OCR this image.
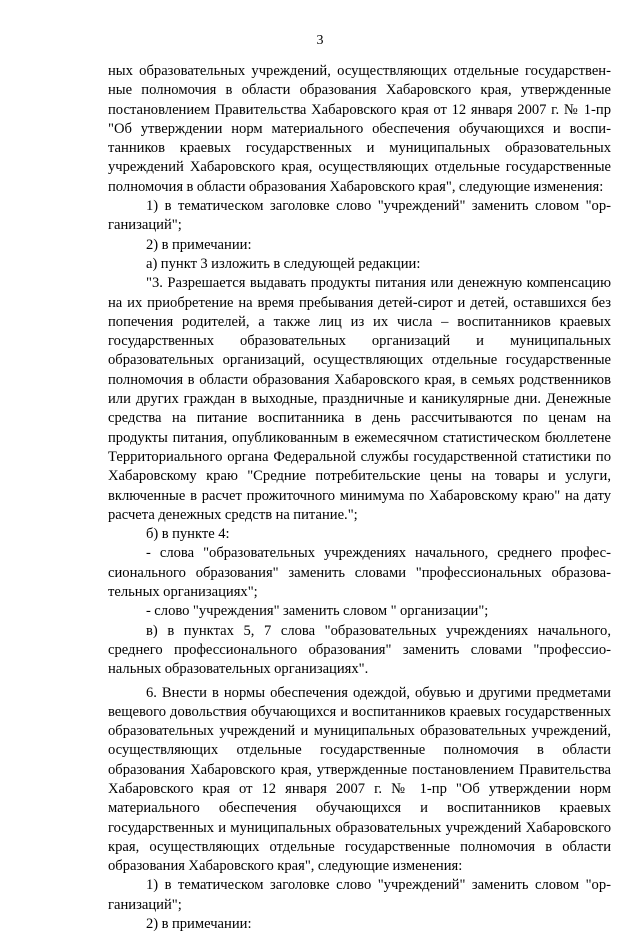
3

ных образовательных учреждений, осуществляющих отдельные государственные полномочия в области образования Хабаровского края, утвержденные постановлением Правительства Хабаровского края от 12 января 2007 г. № 1-пр "Об утверждении норм материального обеспечения обучающихся и воспитанников краевых государственных и муниципальных образовательных учреждений Хабаровского края, осуществляющих отдельные государственные полномочия в области образования Хабаровского края", следующие изменения:

1) в тематическом заголовке слово "учреждений" заменить словом "организаций";

2) в примечании:

а) пункт 3 изложить в следующей редакции:

"3. Разрешается выдавать продукты питания или денежную компенсацию на их приобретение на время пребывания детей-сирот и детей, оставшихся без попечения родителей, а также лиц из их числа – воспитанников краевых государственных образовательных организаций и муниципальных образовательных организаций, осуществляющих отдельные государственные полномочия в области образования Хабаровского края, в семьях родственников или других граждан в выходные, праздничные и каникулярные дни. Денежные средства на питание воспитанника в день рассчитываются по ценам на продукты питания, опубликованным в ежемесячном статистическом бюллетене Территориального органа Федеральной службы государственной статистики по Хабаровскому краю "Средние потребительские цены на товары и услуги, включенные в расчет прожиточного минимума по Хабаровскому краю" на дату расчета денежных средств на питание.";

б) в пункте 4:

- слова "образовательных учреждениях начального, среднего профессионального образования" заменить словами "профессиональных образовательных организациях";

- слово "учреждения" заменить словом " организации";

в) в пунктах 5, 7 слова "образовательных учреждениях начального, среднего профессионального образования" заменить словами "профессиональных образовательных организациях".

6. Внести в нормы обеспечения одеждой, обувью и другими предметами вещевого довольствия обучающихся и воспитанников краевых государственных образовательных учреждений и муниципальных образовательных учреждений, осуществляющих отдельные государственные полномочия в области образования Хабаровского края, утвержденные постановлением Правительства Хабаровского края от 12 января 2007 г. № 1-пр "Об утверждении норм материального обеспечения обучающихся и воспитанников краевых государственных и муниципальных образовательных учреждений Хабаровского края, осуществляющих отдельные государственные полномочия в области образования Хабаровского края", следующие изменения:

1) в тематическом заголовке слово "учреждений" заменить словом "организаций";

2) в примечании:
